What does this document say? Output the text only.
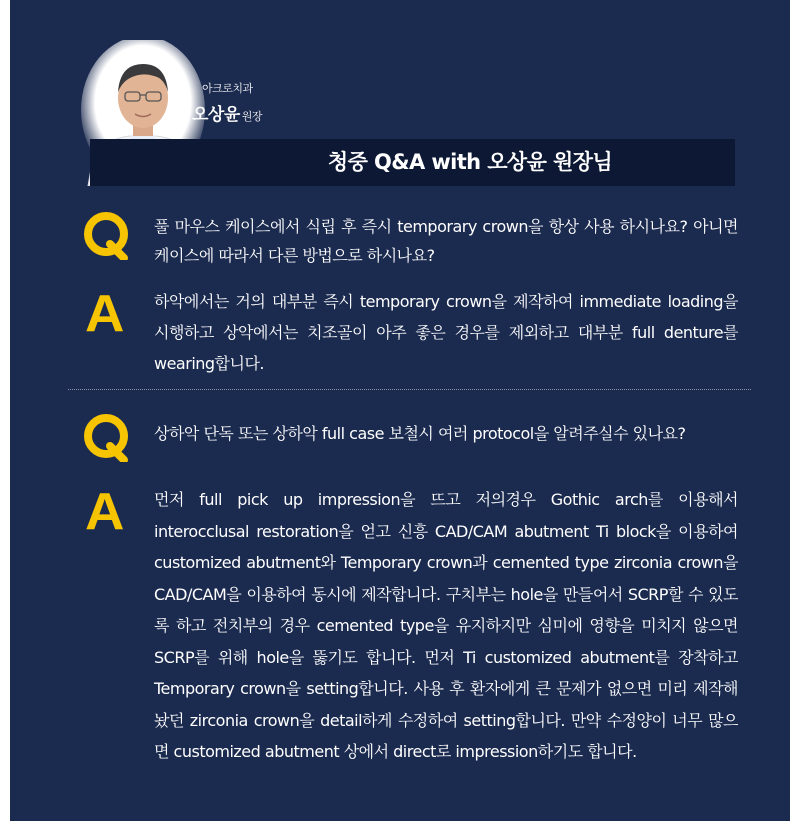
아크로치과
오상윤 원장
청중 Q&A with 오상윤 원장님
1	풀 마우스 케이스에서 식립 후 즉시 temporary crown을 항상 사용 하시나요? 아니면 케이스에 따라서 다른 방법으로 하시나요?
A 하악에서는 거의 대부분 즉시 temporary crown을 제작하여 immediate loading을 시행하고 상악에서는 치조골이 아주 좋은 경우를 제외하고 대부분 full denture를 wearing합니다.
2	상하악 단독 또는 상하악 full case 보철시 여러 protocol을 알려주실수 있나요?
A 먼저 full pick up impression을 뜨고 저의경우 Gothic arch를 이용해서 interocclusal restoration을 얻고 신흥 CAD/CAM abutment Ti block을 이용하여 customized abutment와 Temporary crown과 cemented type zirconia crown을 CAD/CAM을 이용하여 동시에 제작합니다. 구치부는 hole을 만들어서 SCRP할 수 있도록 하고 전치부의 경우 cemented type을 유지하지만 심미에 영향을 미치지 않으면 SCRP를 위해 hole을 뚫기도 합니다. 먼저 Ti customized abutment를 장착하고 Temporary crown을 setting합니다. 사용 후 환자에게 큰 문제가 없으면 미리 제작해놨던 zirconia crown을 detail하게 수정하여 setting합니다. 만약 수정양이 너무 많으면 customized abutment 상에서 direct로 impression하기도 합니다.
